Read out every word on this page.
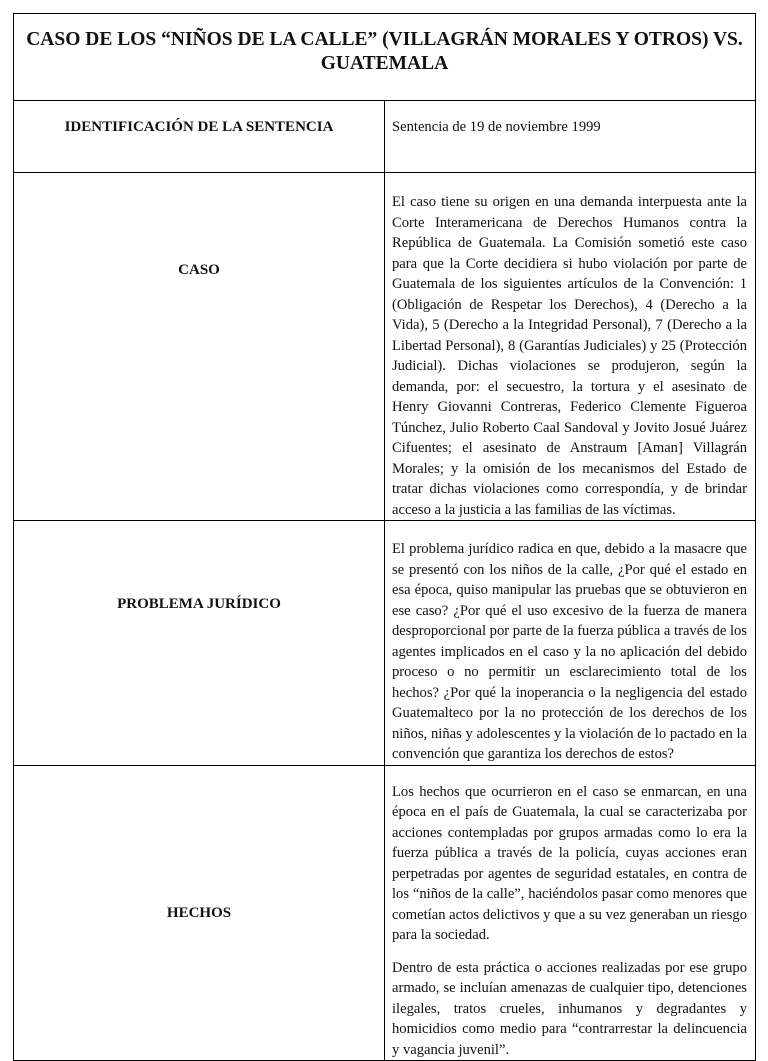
CASO DE LOS “NIÑOS DE LA CALLE” (VILLAGRÁN MORALES Y OTROS) VS. GUATEMALA	

IDENTIFICACIÓN DE LA SENTENCIA	Sentencia de 19 de noviembre 1999

CASO	El caso tiene su origen en una demanda interpuesta ante la Corte Interamericana de Derechos Humanos contra la República de Guatemala. La Comisión sometió este caso para que la Corte decidiera si hubo violación por parte de Guatemala de los siguientes artículos de la Convención: 1 (Obligación de Respetar los Derechos), 4 (Derecho a la Vida), 5 (Derecho a la Integridad Personal), 7 (Derecho a la Libertad Personal), 8 (Garantías Judiciales) y 25 (Protección Judicial). Dichas violaciones se produjeron, según la demanda, por: el secuestro, la tortura y el asesinato de Henry Giovanni Contreras, Federico Clemente Figueroa Túnchez, Julio Roberto Caal Sandoval y Jovito Josué Juárez Cifuentes; el asesinato de Anstraum [Aman] Villagrán Morales; y la omisión de los mecanismos del Estado de tratar dichas violaciones como correspondía, y de brindar acceso a la justicia a las familias de las víctimas.

PROBLEMA JURÍDICO	El problema jurídico radica en que, debido a la masacre que se presentó con los niños de la calle, ¿Por qué el estado en esa época, quiso manipular las pruebas que se obtuvieron en ese caso? ¿Por qué el uso excesivo de la fuerza de manera desproporcional por parte de la fuerza pública a través de los agentes implicados en el caso y la no aplicación del debido proceso o no permitir un esclarecimiento total de los hechos? ¿Por qué la inoperancia o la negligencia del estado Guatemalteco por la no protección de los derechos de los niños, niñas y adolescentes y la violación de lo pactado en la convención que garantiza los derechos de estos?

HECHOS	Los hechos que ocurrieron en el caso se enmarcan, en una época en el país de Guatemala, la cual se caracterizaba por acciones contempladas por grupos armadas como lo era la fuerza pública a través de la policía, cuyas acciones eran perpetradas por agentes de seguridad estatales, en contra de los “niños de la calle”, haciéndolos pasar como menores que cometían actos delictivos y que a su vez generaban un riesgo para la sociedad.

Dentro de esta práctica o acciones realizadas por ese grupo armado, se incluían amenazas de cualquier tipo, detenciones ilegales, tratos crueles, inhumanos y degradantes y homicidios como medio para “contrarrestar la delincuencia y vagancia juvenil”.
